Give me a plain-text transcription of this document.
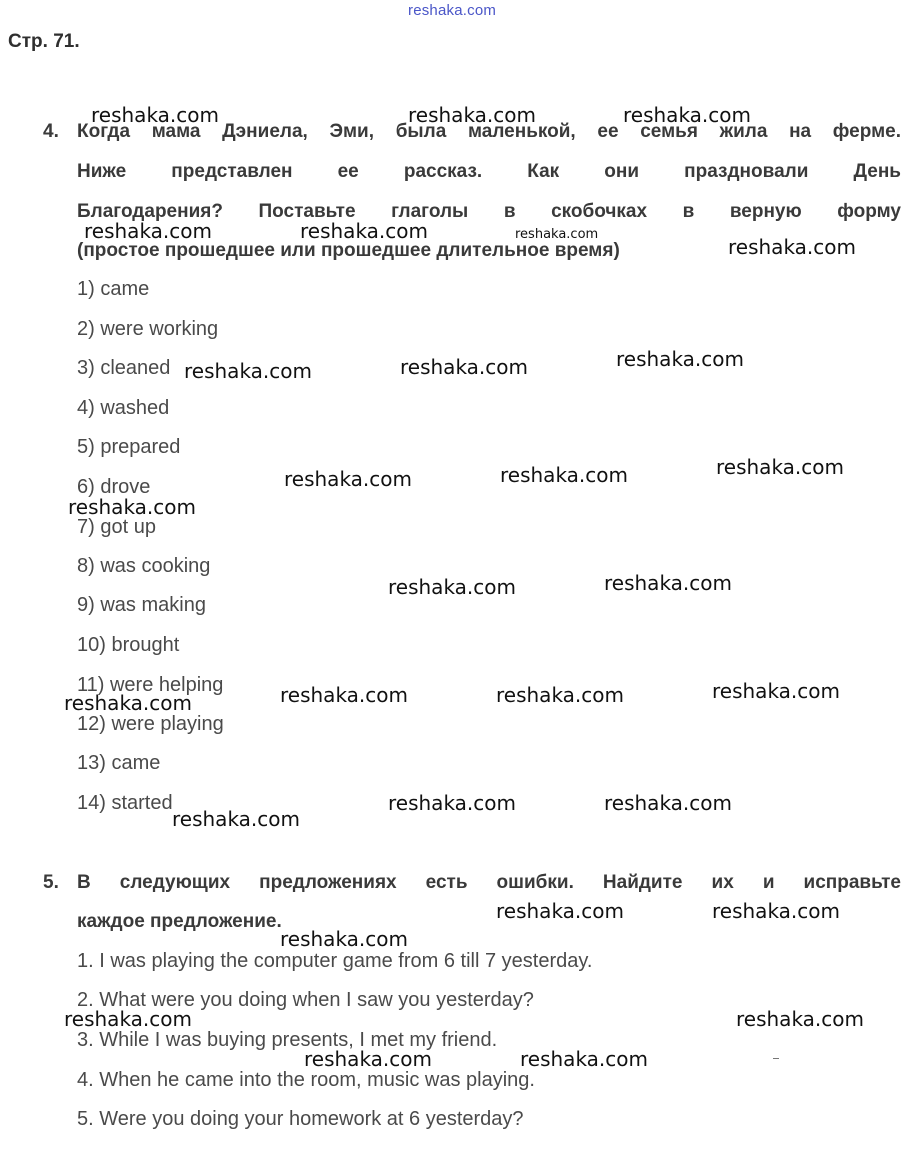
reshaka.com
Стр. 71.
4. Когда мама Дэниела, Эми, была маленькой, ее семья жила на ферме.
Ниже представлен ее рассказ. Как они праздновали День
Благодарения? Поставьте глаголы в скобочках в верную форму
(простое прошедшее или прошедшее длительное время)
1) came
2) were working
3) cleaned
4) washed
5) prepared
6) drove
7) got up
8) was cooking
9) was making
10) brought
11) were helping
12) were playing
13) came
14) started
5. В следующих предложениях есть ошибки. Найдите их и исправьте
каждое предложение.
1. I was playing the computer game from 6 till 7 yesterday.
2. What were you doing when I saw you yesterday?
3. While I was buying presents, I met my friend.
4. When he came into the room, music was playing.
5. Were you doing your homework at 6 yesterday?
reshaka.com	reshaka.com	reshaka.com
reshaka.com	reshaka.com	reshaka.com
reshaka.com
reshaka.com	reshaka.com	reshaka.com
reshaka.com	reshaka.com	reshaka.com
reshaka.com
reshaka.com	reshaka.com
reshaka.com	reshaka.com	reshaka.com
reshaka.com
reshaka.com	reshaka.com
reshaka.com
reshaka.com	reshaka.com
reshaka.com
reshaka.com	reshaka.com
reshaka.com	reshaka.com
